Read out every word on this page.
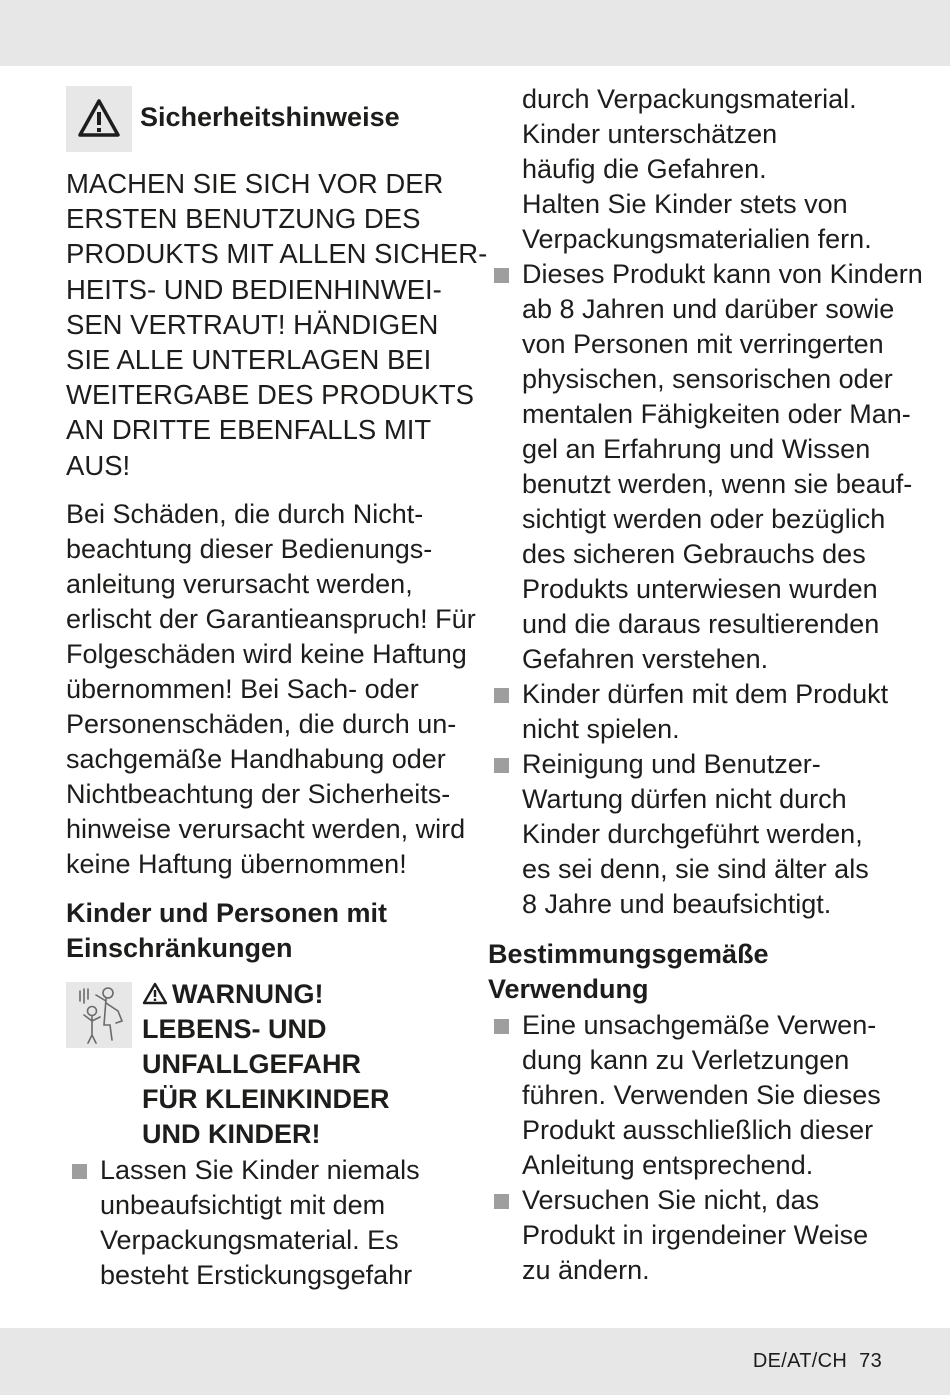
Sicherheitshinweise
MACHEN SIE SICH VOR DER
ERSTEN BENUTZUNG DES
PRODUKTS MIT ALLEN SICHER-
HEITS- UND BEDIENHINWEI-
SEN VERTRAUT! HÄNDIGEN
SIE ALLE UNTERLAGEN BEI
WEITERGABE DES PRODUKTS
AN DRITTE EBENFALLS MIT
AUS!
Bei Schäden, die durch Nicht-
beachtung dieser Bedienungs-
anleitung verursacht werden,
erlischt der Garantieanspruch! Für
Folgeschäden wird keine Haftung
übernommen! Bei Sach- oder
Personenschäden, die durch un-
sachgemäße Handhabung oder
Nichtbeachtung der Sicherheits-
hinweise verursacht werden, wird
keine Haftung übernommen!
Kinder und Personen mit
Einschränkungen
WARNUNG!
LEBENS- UND
UNFALLGEFAHR
FÜR KLEINKINDER
UND KINDER!
Lassen Sie Kinder niemals
unbeaufsichtigt mit dem
Verpackungsmaterial. Es
besteht Erstickungsgefahr
durch Verpackungsmaterial.
Kinder unterschätzen
häufig die Gefahren.
Halten Sie Kinder stets von
Verpackungsmaterialien fern.
Dieses Produkt kann von Kindern
ab 8 Jahren und darüber sowie
von Personen mit verringerten
physischen, sensorischen oder
mentalen Fähigkeiten oder Man-
gel an Erfahrung und Wissen
benutzt werden, wenn sie beauf-
sichtigt werden oder bezüglich
des sicheren Gebrauchs des
Produkts unterwiesen wurden
und die daraus resultierenden
Gefahren verstehen.
Kinder dürfen mit dem Produkt
nicht spielen.
Reinigung und Benutzer-
Wartung dürfen nicht durch
Kinder durchgeführt werden,
es sei denn, sie sind älter als
8 Jahre und beaufsichtigt.
Bestimmungsgemäße
Verwendung
Eine unsachgemäße Verwen-
dung kann zu Verletzungen
führen. Verwenden Sie dieses
Produkt ausschließlich dieser
Anleitung entsprechend.
Versuchen Sie nicht, das
Produkt in irgendeiner Weise
zu ändern.
DE/AT/CH 73
